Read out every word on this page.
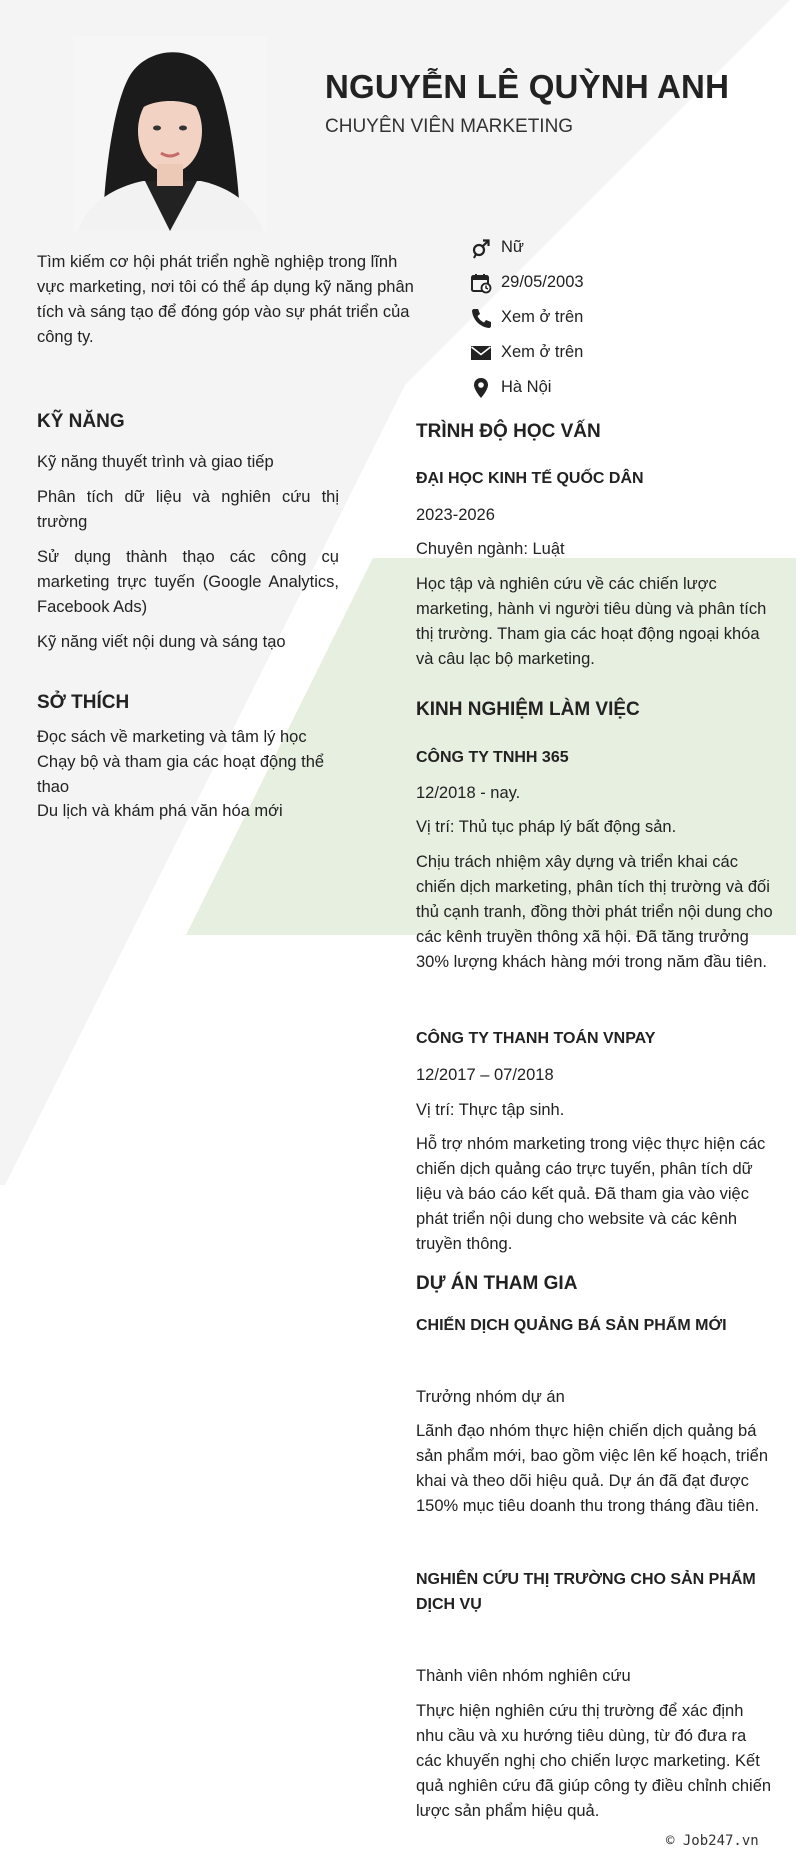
NGUYỄN LÊ QUỲNH ANH
CHUYÊN VIÊN MARKETING
Tìm kiếm cơ hội phát triển nghề nghiệp trong lĩnh vực marketing, nơi tôi có thể áp dụng kỹ năng phân tích và sáng tạo để đóng góp vào sự phát triển của công ty.
Nữ
29/05/2003
Xem ở trên
Xem ở trên
Hà Nội
KỸ NĂNG
Kỹ năng thuyết trình và giao tiếp
Phân tích dữ liệu và nghiên cứu thị trường
Sử dụng thành thạo các công cụ marketing trực tuyến (Google Analytics, Facebook Ads)
Kỹ năng viết nội dung và sáng tạo
SỞ THÍCH
Đọc sách về marketing và tâm lý học
Chạy bộ và tham gia các hoạt động thể thao
Du lịch và khám phá văn hóa mới
TRÌNH ĐỘ HỌC VẤN
ĐẠI HỌC KINH TẾ QUỐC DÂN
2023-2026
Chuyên ngành: Luật
Học tập và nghiên cứu về các chiến lược marketing, hành vi người tiêu dùng và phân tích thị trường. Tham gia các hoạt động ngoại khóa và câu lạc bộ marketing.
KINH NGHIỆM LÀM VIỆC
CÔNG TY TNHH 365
12/2018 - nay.
Vị trí: Thủ tục pháp lý bất động sản.
Chịu trách nhiệm xây dựng và triển khai các chiến dịch marketing, phân tích thị trường và đối thủ cạnh tranh, đồng thời phát triển nội dung cho các kênh truyền thông xã hội. Đã tăng trưởng 30% lượng khách hàng mới trong năm đầu tiên.
CÔNG TY THANH TOÁN VNPAY
12/2017 – 07/2018
Vị trí: Thực tập sinh.
Hỗ trợ nhóm marketing trong việc thực hiện các chiến dịch quảng cáo trực tuyến, phân tích dữ liệu và báo cáo kết quả. Đã tham gia vào việc phát triển nội dung cho website và các kênh truyền thông.
DỰ ÁN THAM GIA
CHIẾN DỊCH QUẢNG BÁ SẢN PHẨM MỚI
Trưởng nhóm dự án
Lãnh đạo nhóm thực hiện chiến dịch quảng bá sản phẩm mới, bao gồm việc lên kế hoạch, triển khai và theo dõi hiệu quả. Dự án đã đạt được 150% mục tiêu doanh thu trong tháng đầu tiên.
NGHIÊN CỨU THỊ TRƯỜNG CHO SẢN PHẨM DỊCH VỤ
Thành viên nhóm nghiên cứu
Thực hiện nghiên cứu thị trường để xác định nhu cầu và xu hướng tiêu dùng, từ đó đưa ra các khuyến nghị cho chiến lược marketing. Kết quả nghiên cứu đã giúp công ty điều chỉnh chiến lược sản phẩm hiệu quả.
© Job247.vn
